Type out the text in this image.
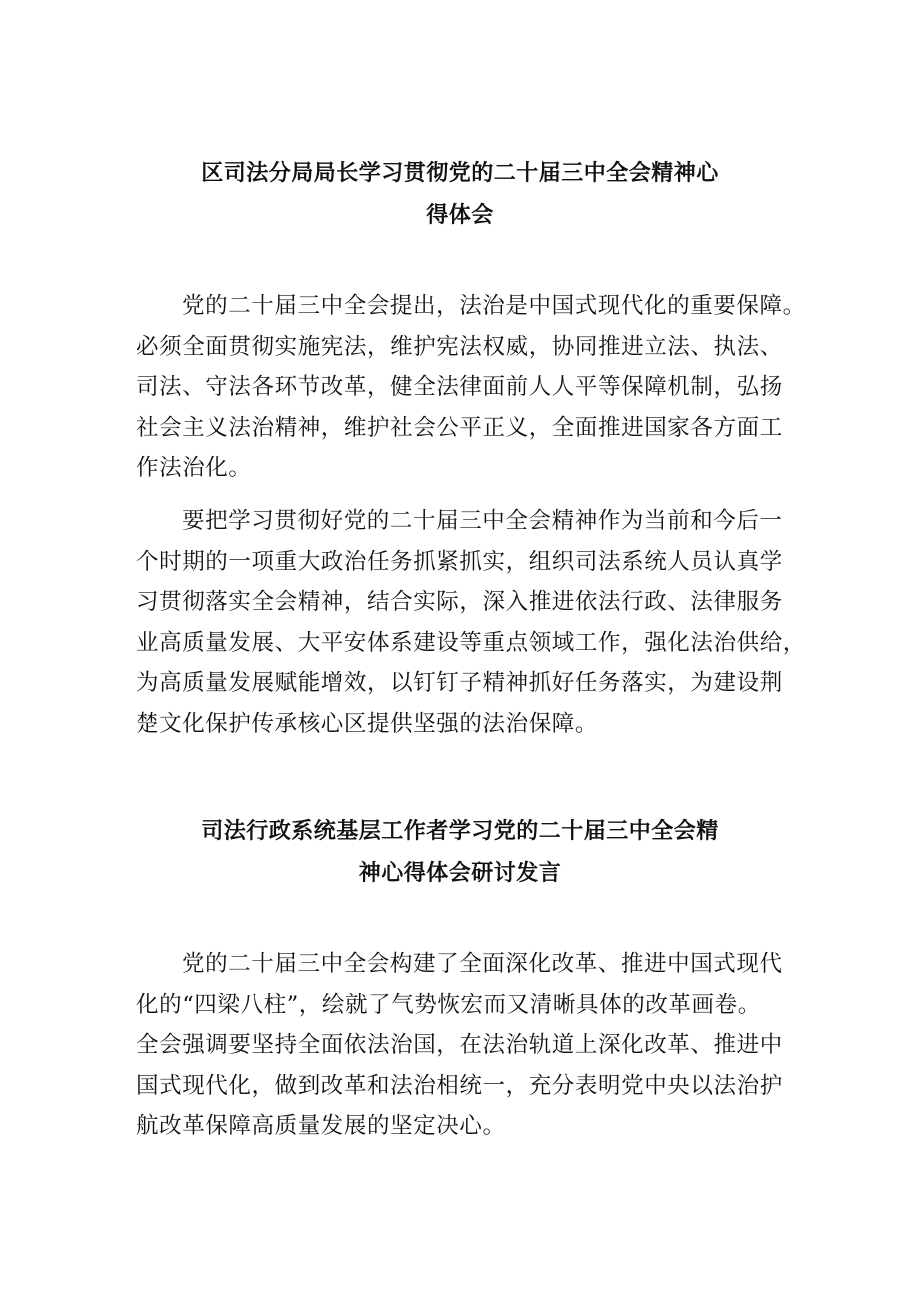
区司法分局局长学习贯彻党的二十届三中全会精神心
得体会

党的二十届三中全会提出，法治是中国式现代化的重要保障。
必须全面贯彻实施宪法，维护宪法权威，协同推进立法、执法、
司法、守法各环节改革，健全法律面前人人平等保障机制，弘扬
社会主义法治精神，维护社会公平正义，全面推进国家各方面工
作法治化。

要把学习贯彻好党的二十届三中全会精神作为当前和今后一
个时期的一项重大政治任务抓紧抓实，组织司法系统人员认真学
习贯彻落实全会精神，结合实际，深入推进依法行政、法律服务
业高质量发展、大平安体系建设等重点领域工作，强化法治供给，
为高质量发展赋能增效，以钉钉子精神抓好任务落实，为建设荆
楚文化保护传承核心区提供坚强的法治保障。

司法行政系统基层工作者学习党的二十届三中全会精
神心得体会研讨发言

党的二十届三中全会构建了全面深化改革、推进中国式现代
化的“四梁八柱”，绘就了气势恢宏而又清晰具体的改革画卷。
全会强调要坚持全面依法治国，在法治轨道上深化改革、推进中
国式现代化，做到改革和法治相统一，充分表明党中央以法治护
航改革保障高质量发展的坚定决心。
